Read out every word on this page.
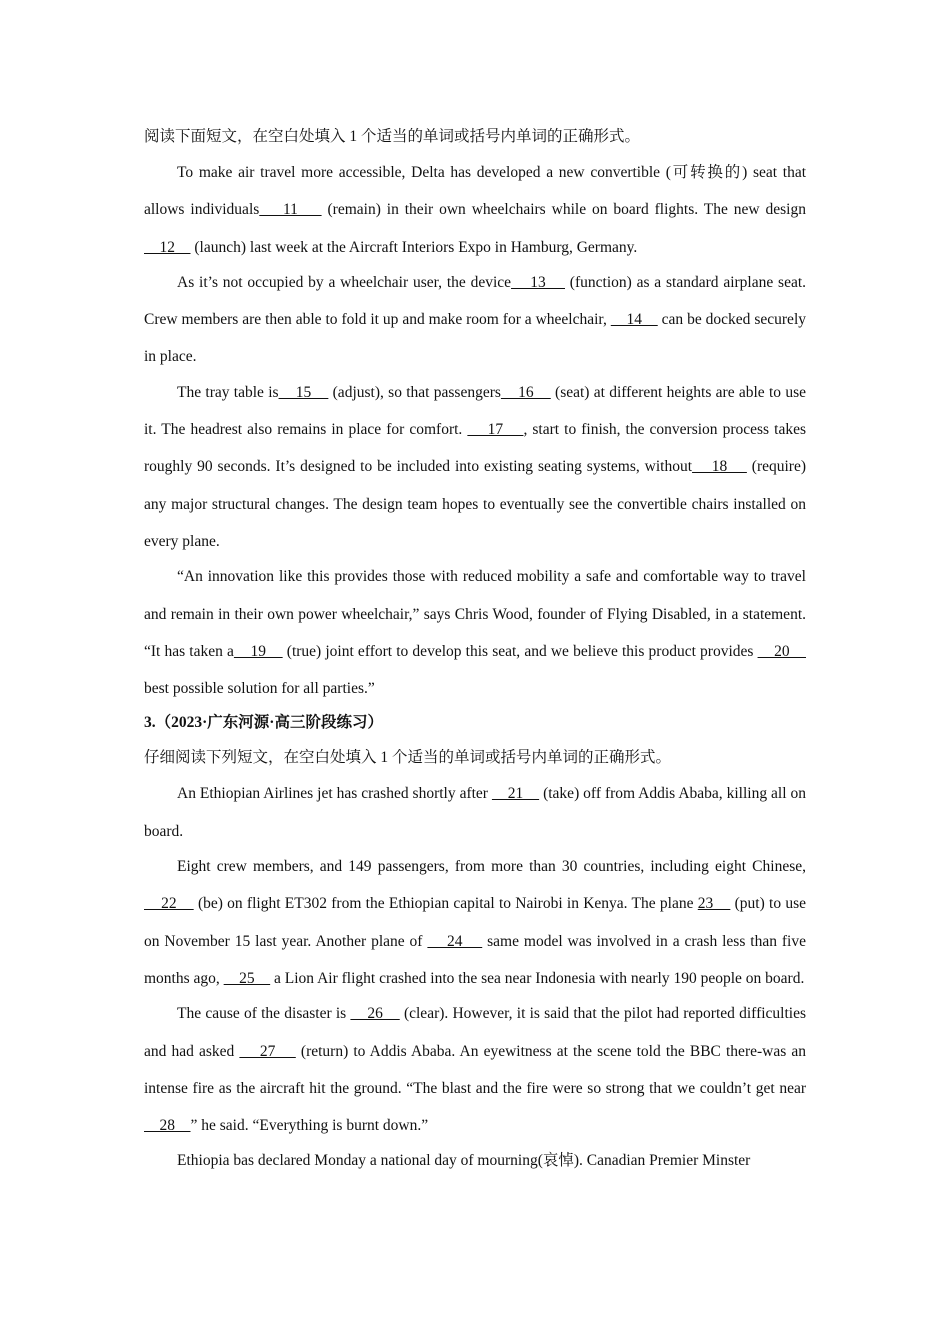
阅读下面短文，在空白处填入 1 个适当的单词或括号内单词的正确形式。

To make air travel more accessible, Delta has developed a new convertible (可转换的) seat that allows individuals    11     (remain) in their own wheelchairs while on board flights. The new design    12     (launch) last week at the Aircraft Interiors Expo in Hamburg, Germany.

As it’s not occupied by a wheelchair user, the device    13     (function) as a standard airplane seat. Crew members are then able to fold it up and make room for a wheelchair,     14     can be docked securely in place.

The tray table is    15     (adjust), so that passengers    16     (seat) at different heights are able to use it. The headrest also remains in place for comfort.     17    , start to finish, the conversion process takes roughly 90 seconds. It’s designed to be included into existing seating systems, without    18     (require) any major structural changes. The design team hopes to eventually see the convertible chairs installed on every plane.

“An innovation like this provides those with reduced mobility a safe and comfortable way to travel and remain in their own power wheelchair,” says Chris Wood, founder of Flying Disabled, in a statement. “It has taken a    19     (true) joint effort to develop this seat, and we believe this product provides     20     best possible solution for all parties.”

3.（2023·广东河源·高三阶段练习）

仔细阅读下列短文，在空白处填入 1 个适当的单词或括号内单词的正确形式。

An Ethiopian Airlines jet has crashed shortly after     21     (take) off from Addis Ababa, killing all on board.

Eight crew members, and 149 passengers, from more than 30 countries, including eight Chinese,     22     (be) on flight ET302 from the Ethiopian capital to Nairobi in Kenya. The plane 23     (put) to use on November 15 last year. Another plane of     24     same model was involved in a crash less than five months ago,     25     a Lion Air flight crashed into the sea near Indonesia with nearly 190 people on board.

The cause of the disaster is     26     (clear). However, it is said that the pilot had reported difficulties and had asked     27     (return) to Addis Ababa. An eyewitness at the scene told the BBC there-was an intense fire as the aircraft hit the ground. “The blast and the fire were so strong that we couldn’t get near     28    ” he said. “Everything is burnt down.”

Ethiopia bas declared Monday a national day of mourning(哀悼). Canadian Premier Minster
